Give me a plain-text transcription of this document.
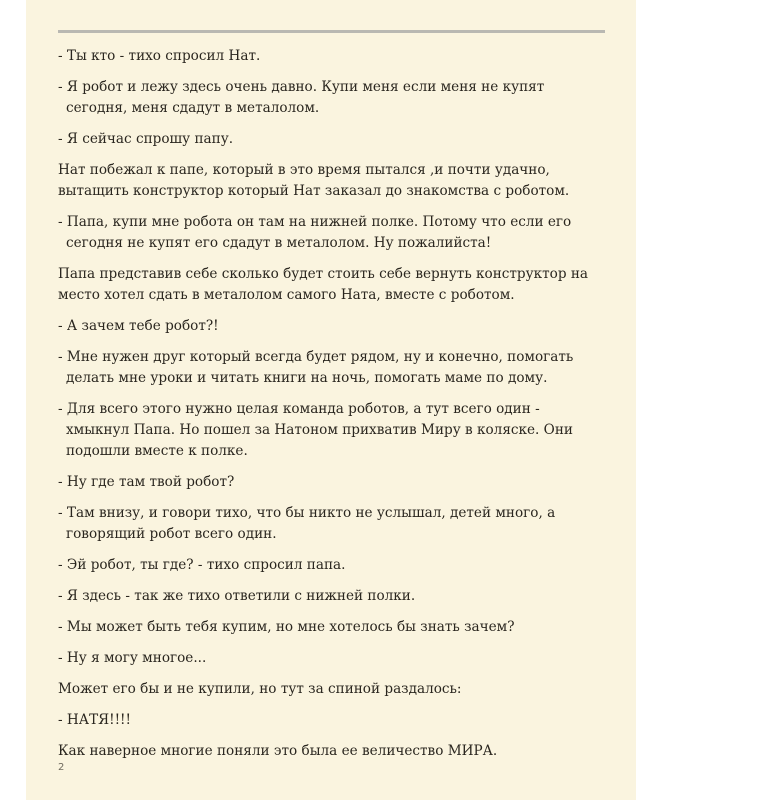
- Ты кто - тихо спросил Нат.

- Я робот и лежу здесь очень давно. Купи меня если меня не купят сегодня, меня сдадут в металолом.

- Я сейчас спрошу папу.

Нат побежал к папе, который в это время пытался ,и почти удачно, вытащить конструктор который Нат заказал до знакомства с роботом.

- Папа, купи мне робота он там на нижней полке. Потому что если его сегодня не купят его сдадут в металолом. Ну пожалийста!

Папа представив себе сколько будет стоить себе вернуть конструктор на место хотел сдать в металолом самого Ната, вместе с роботом.

- А зачем тебе робот?!

- Мне нужен друг который всегда будет рядом, ну и конечно, помогать делать мне уроки и читать книги на ночь, помогать маме по дому.

- Для всего этого нужно целая команда роботов, а тут всего один - хмыкнул Папа. Но пошел за Натоном прихватив Миру в коляске. Они подошли вместе к полке.

- Ну где там твой робот?

- Там внизу, и говори тихо, что бы никто не услышал, детей много, а говорящий робот всего один.

- Эй робот, ты где? - тихо спросил папа.

- Я здесь - так же тихо ответили с нижней полки.

- Мы может быть тебя купим, но мне хотелось бы знать зачем?

- Ну я могу многое...

Может его бы и не купили, но тут за спиной раздалось:

- НАТЯ!!!!

Как наверное многие поняли это была ее величество МИРА.

2
